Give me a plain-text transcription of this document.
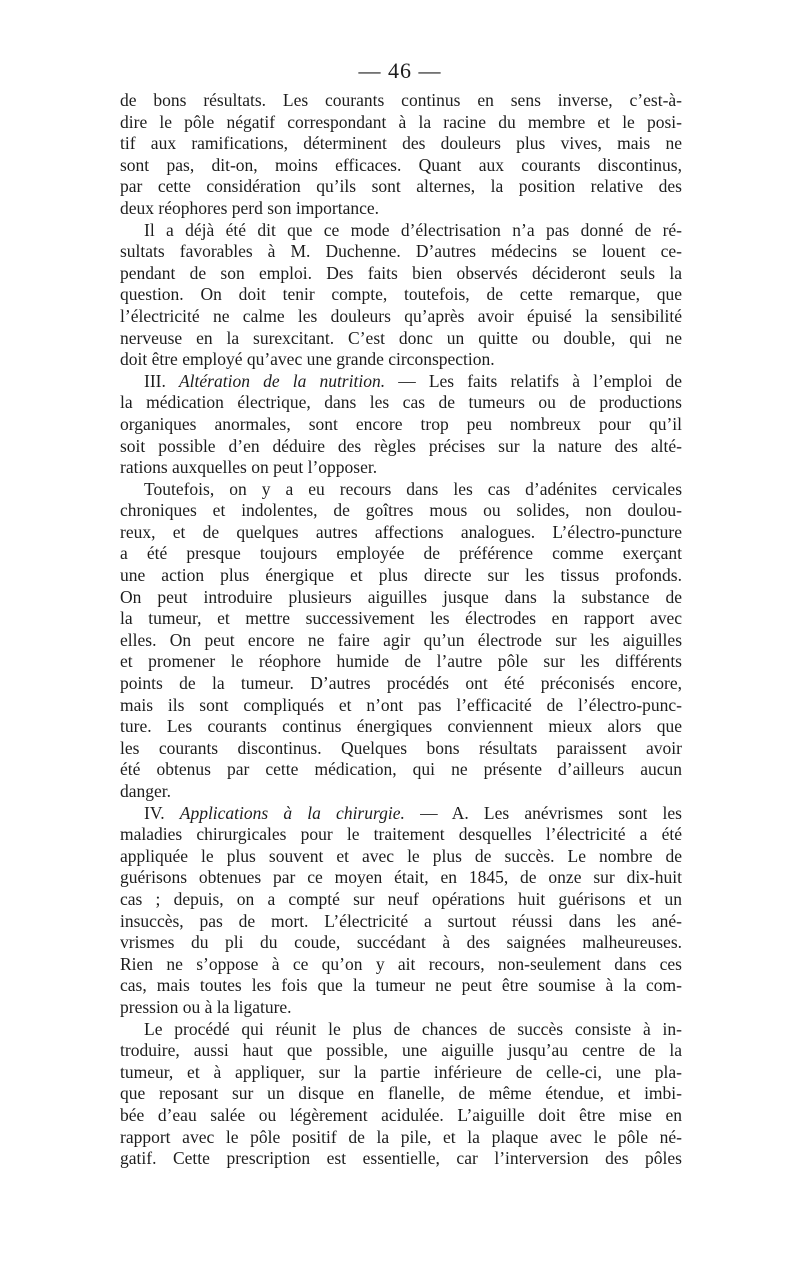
— 46 —
de bons résultats. Les courants continus en sens inverse, c’est-à-
dire le pôle négatif correspondant à la racine du membre et le posi-
tif aux ramifications, déterminent des douleurs plus vives, mais ne
sont pas, dit-on, moins efficaces. Quant aux courants discontinus,
par cette considération qu’ils sont alternes, la position relative des
deux réophores perd son importance.
Il a déjà été dit que ce mode d’électrisation n’a pas donné de ré-
sultats favorables à M. Duchenne. D’autres médecins se louent ce-
pendant de son emploi. Des faits bien observés décideront seuls la
question. On doit tenir compte, toutefois, de cette remarque, que
l’électricité ne calme les douleurs qu’après avoir épuisé la sensibilité
nerveuse en la surexcitant. C’est donc un quitte ou double, qui ne
doit être employé qu’avec une grande circonspection.
III. Altération de la nutrition. — Les faits relatifs à l’emploi de
la médication électrique, dans les cas de tumeurs ou de productions
organiques anormales, sont encore trop peu nombreux pour qu’il
soit possible d’en déduire des règles précises sur la nature des alté-
rations auxquelles on peut l’opposer.
Toutefois, on y a eu recours dans les cas d’adénites cervicales
chroniques et indolentes, de goîtres mous ou solides, non doulou-
reux, et de quelques autres affections analogues. L’électro-puncture
a été presque toujours employée de préférence comme exerçant
une action plus énergique et plus directe sur les tissus profonds.
On peut introduire plusieurs aiguilles jusque dans la substance de
la tumeur, et mettre successivement les électrodes en rapport avec
elles. On peut encore ne faire agir qu’un électrode sur les aiguilles
et promener le réophore humide de l’autre pôle sur les différents
points de la tumeur. D’autres procédés ont été préconisés encore,
mais ils sont compliqués et n’ont pas l’efficacité de l’électro-punc-
ture. Les courants continus énergiques conviennent mieux alors que
les courants discontinus. Quelques bons résultats paraissent avoir
été obtenus par cette médication, qui ne présente d’ailleurs aucun
danger.
IV. Applications à la chirurgie. — A. Les anévrismes sont les
maladies chirurgicales pour le traitement desquelles l’électricité a été
appliquée le plus souvent et avec le plus de succès. Le nombre de
guérisons obtenues par ce moyen était, en 1845, de onze sur dix-huit
cas ; depuis, on a compté sur neuf opérations huit guérisons et un
insuccès, pas de mort. L’électricité a surtout réussi dans les ané-
vrismes du pli du coude, succédant à des saignées malheureuses.
Rien ne s’oppose à ce qu’on y ait recours, non-seulement dans ces
cas, mais toutes les fois que la tumeur ne peut être soumise à la com-
pression ou à la ligature.
Le procédé qui réunit le plus de chances de succès consiste à in-
troduire, aussi haut que possible, une aiguille jusqu’au centre de la
tumeur, et à appliquer, sur la partie inférieure de celle-ci, une pla-
que reposant sur un disque en flanelle, de même étendue, et imbi-
bée d’eau salée ou légèrement acidulée. L’aiguille doit être mise en
rapport avec le pôle positif de la pile, et la plaque avec le pôle né-
gatif. Cette prescription est essentielle, car l’interversion des pôles
